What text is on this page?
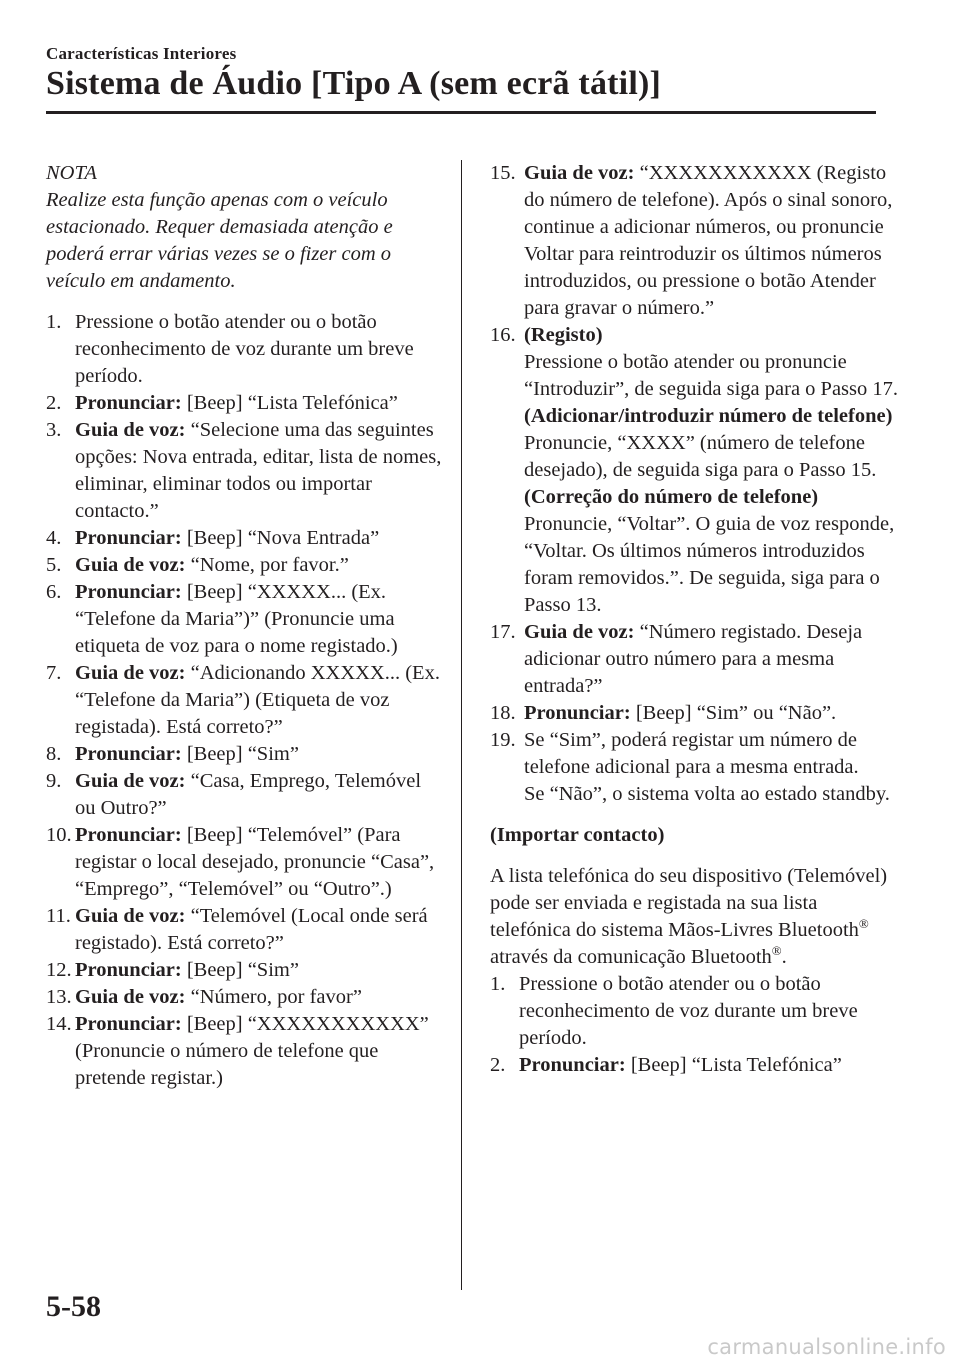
Características Interiores
Sistema de Áudio [Tipo A (sem ecrã tátil)]

NOTA

Realize esta função apenas com o veículo estacionado. Requer demasiada atenção e poderá errar várias vezes se o fizer com o veículo em andamento.

1. Pressione o botão atender ou o botão reconhecimento de voz durante um breve período.
2. Pronunciar: [Beep] “Lista Telefónica”
3. Guia de voz: “Selecione uma das seguintes opções: Nova entrada, editar, lista de nomes, eliminar, eliminar todos ou importar contacto.”
4. Pronunciar: [Beep] “Nova Entrada”
5. Guia de voz: “Nome, por favor.”
6. Pronunciar: [Beep] “XXXXX... (Ex. “Telefone da Maria”)” (Pronuncie uma etiqueta de voz para o nome registado.)
7. Guia de voz: “Adicionando XXXXX... (Ex. “Telefone da Maria”) (Etiqueta de voz registada). Está correto?”
8. Pronunciar: [Beep] “Sim”
9. Guia de voz: “Casa, Emprego, Telemóvel ou Outro?”
10. Pronunciar: [Beep] “Telemóvel” (Para registar o local desejado, pronuncie “Casa”, “Emprego”, “Telemóvel” ou “Outro”.)
11. Guia de voz: “Telemóvel (Local onde será registado). Está correto?”
12. Pronunciar: [Beep] “Sim”
13. Guia de voz: “Número, por favor”
14. Pronunciar: [Beep] “XXXXXXXXXXX” (Pronuncie o número de telefone que pretende registar.)
15. Guia de voz: “XXXXXXXXXXX (Registo do número de telefone). Após o sinal sonoro, continue a adicionar números, ou pronuncie Voltar para reintroduzir os últimos números introduzidos, ou pressione o botão Atender para gravar o número.”
16. (Registo)
Pressione o botão atender ou pronuncie “Introduzir”, de seguida siga para o Passo 17.
(Adicionar/introduzir número de telefone)
Pronuncie, “XXXX” (número de telefone desejado), de seguida siga para o Passo 15.
(Correção do número de telefone)
Pronuncie, “Voltar”. O guia de voz responde, “Voltar. Os últimos números introduzidos foram removidos.”. De seguida, siga para o Passo 13.
17. Guia de voz: “Número registado. Deseja adicionar outro número para a mesma entrada?”
18. Pronunciar: [Beep] “Sim” ou “Não”.
19. Se “Sim”, poderá registar um número de telefone adicional para a mesma entrada.
Se “Não”, o sistema volta ao estado standby.
(Importar contacto)

A lista telefónica do seu dispositivo (Telemóvel) pode ser enviada e registada na sua lista telefónica do sistema Mãos-Livres Bluetooth® através da comunicação Bluetooth®.

1. Pressione o botão atender ou o botão reconhecimento de voz durante um breve período.
2. Pronunciar: [Beep] “Lista Telefónica”
5-58
carmanualsonline.info
